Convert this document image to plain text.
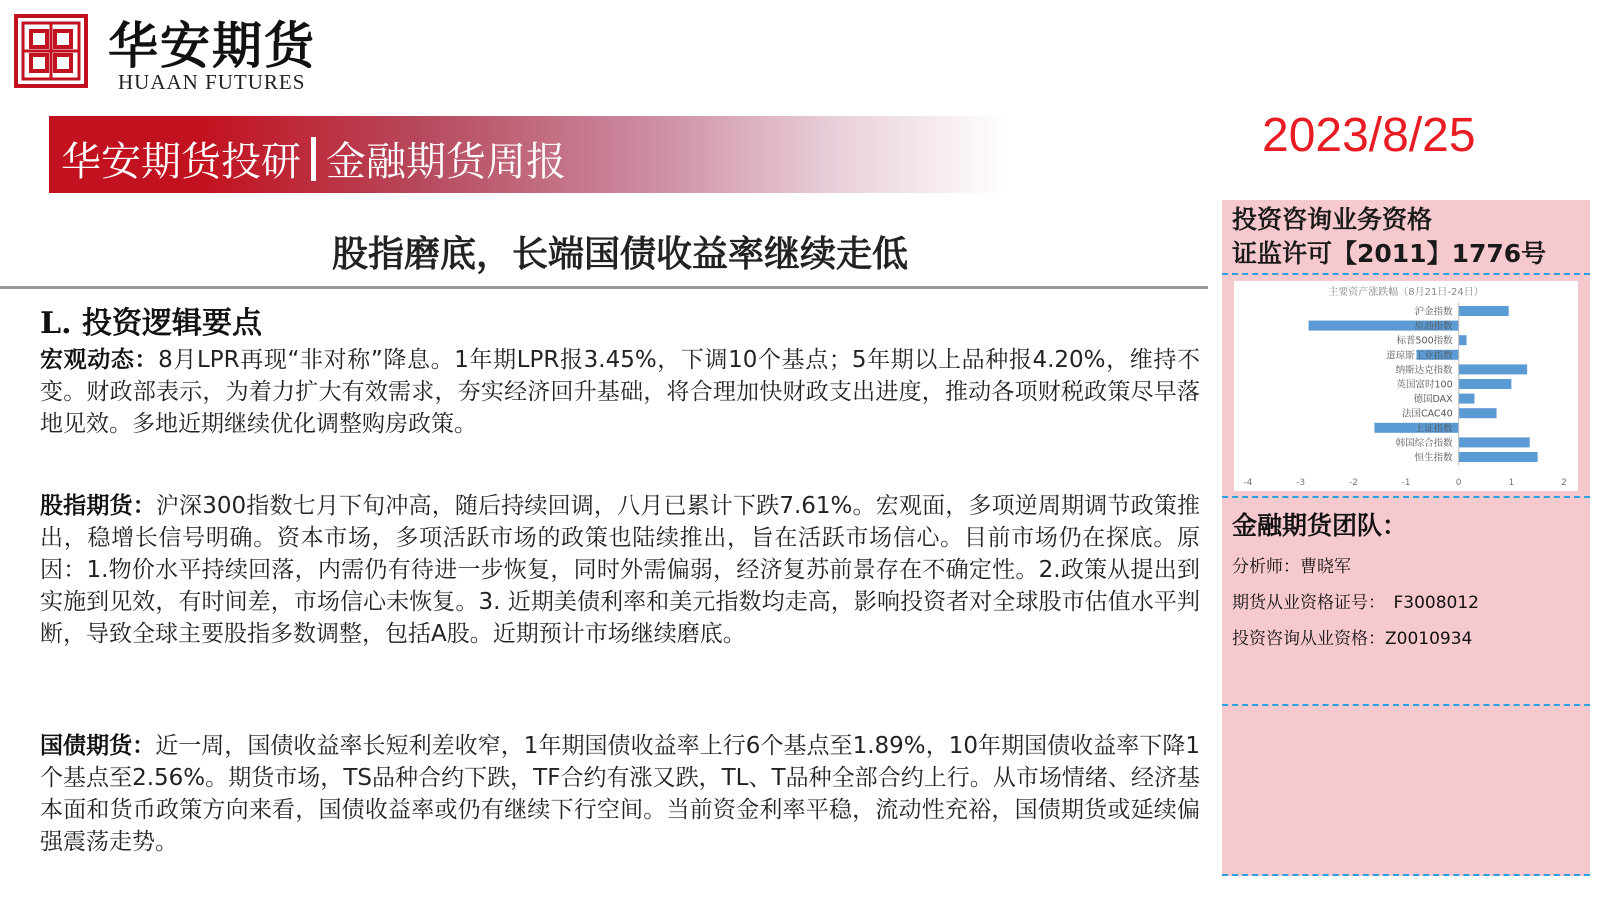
华安期货
HUAAN FUTURES
华安期货投研 金融期货周报	2023/8/25
股指磨底，长端国债收益率继续走低
L. 投资逻辑要点
宏观动态：8月LPR再现“非对称”降息。1年期LPR报3.45%，下调10个基点；5年期以上品种报4.20%，维持不变。财政部表示，为着力扩大有效需求，夯实经济回升基础，将合理加快财政支出进度，推动各项财税政策尽早落地见效。多地近期继续优化调整购房政策。
股指期货：沪深300指数七月下旬冲高，随后持续回调，八月已累计下跌7.61%。宏观面，多项逆周期调节政策推出，稳增长信号明确。资本市场，多项活跃市场的政策也陆续推出，旨在活跃市场信心。目前市场仍在探底。原因：1.物价水平持续回落，内需仍有待进一步恢复，同时外需偏弱，经济复苏前景存在不确定性。2.政策从提出到实施到见效，有时间差，市场信心未恢复。3. 近期美债利率和美元指数均走高，影响投资者对全球股市估值水平判断，导致全球主要股指多数调整，包括A股。近期预计市场继续磨底。
国债期货：近一周，国债收益率长短利差收窄，1年期国债收益率上行6个基点至1.89%，10年期国债收益率下降1个基点至2.56%。期货市场，TS品种合约下跌，TF合约有涨又跌，TL、T品种全部合约上行。从市场情绪、经济基本面和货币政策方向来看，国债收益率或仍有继续下行空间。当前资金利率平稳，流动性充裕，国债期货或延续偏强震荡走势。
投资咨询业务资格
证监许可【2011】1776号
主要资产涨跌幅（8月21日-24日）
沪金指数
原油指数
标普500指数
道琼斯工业指数
纳斯达克指数
英国富时100
德国DAX
法国CAC40
上证指数
韩国综合指数
恒生指数
-4	-3	-2	-1	0	1	2
金融期货团队：
分析师：曹晓军
期货从业资格证号：　F3008012
投资咨询从业资格：Z0010934
